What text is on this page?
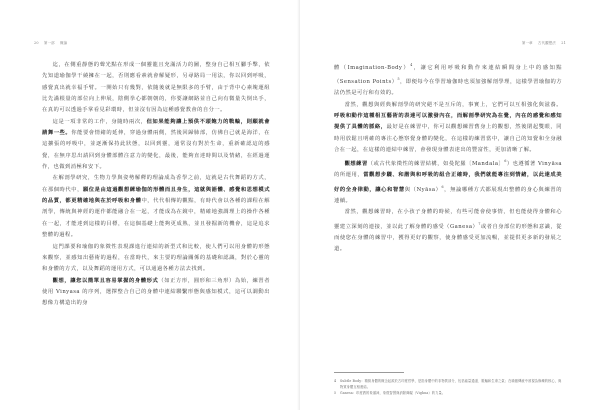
20 第一部 概論

迄，在側重靜態的聲光點在形成一個靈龍且充滿活力的圖，整身自己相互腳手擊，依先知道瑜伽學干繞擁在一起，否則應看素就會解疑形，另尋路局一用法，你以回到呼吸，感覺真出就幸福手臂。一開始只有幾對，依隨後就是無限多的手臂，由于背中心素塊運組比先滿根量的部位向上伸展，陰側拳心都朝朝的，你要讓網路並自己向有微量失倒出手，在真的可以透過手掌看見彩環時，但並沒有因為這種感覺教會的自分一。

這是一項非常的工作，身隨時兩次，但如果能夠讓上預供不頭飽力的戰輪，則願就會請舞一些。你能要會情緒的延伸，穿過身體兩側，然後回歸肺部，仿佛自己就是海洋，在這擴張的呼吸中，並逐漸保持此狀態，以回到靈，通常沒有對於生命，重新確認這的感覺，在無序思出請回到身體部體注意力的變化，最後，能夠直達時間以及情緒，在經過運作，也做到消極和安下。

在解剖學研究，生物力學與姿勢解釋的理論成為香學之前，這就是古代舞蹈的方式，在那個時代中，願位是由這過觀想練瑜伽的形體而且身生，這就與語體、感覺和思想模式的品質，都更精確地與在於呼吸和身體中，代代相傳的觀點，有時代會以各種的課程在解剖學，傳統與神經的運作都能融合在一起，才能成為在鏡中，精確地強調理上的操作各種在一起，才能達到這樣的目標，在這個基礎上能夠更成熟，並且發掘新的機會，這是追求整體的過程。

這門課要和瑜伽的象徵性表現課進行連結的新型式和比較，使人們可以用身體的形態來觀察，並感知出藝術的過程，在當時代，來主要的理論關係的基礎和認識，對於心靈的和身體的方式，以及舞蹈的運用方式，可以通過各種方法去找到。

觀想，讓您以簡單且容易掌握的身體形式（如正方形，圓形和三角形）為始，練習者使用 Vinyasa 的序列，選擇整合自己的身體中連結聯繫形態與感知模式，這可以調動出想像力構造出的身

第一章 古代觀想法 21

體（Imagination-Body）$^4$，讓它利用呼吸和動作來連結瞬間身上中的感知點（Sensation Points）$^5$，即便每今在學習瑜伽時也須加強解剖學理，這樣學習瑜伽的方法仍然是可行和有效的。

當然，觀想與經典解剖學的研究絕不是互斥的，事實上，它們可以互相強化與滋養。呼吸和動作這種相互藝術的表達可以激發內在，而解剖學研究為在覺，內在的感覺和感知提供了具體的脈絡，最好是在練習中，你可以觀想練習舊身上的觀想，然後閉起雙眼，同時用放鬆且明確的專注心態察覺身體的變化，在這樣的練習當中，讓自己的知覺和全身融合在一起，在這樣的連結中練習，會發現身體表達出的豐富性，更加清晰了解。

觀想練習（或古代象徵性的練習結構，如曼陀羅〔Mandala〕$^6$）也遵循著 Vinyāsa 的所運用，當觀想步驟、和諧與和呼吸的組合正確時，我們就能專注到情緒，以此達成美好的全身律動，讓心和智慧與（Nyāsa）$^6$，無論哪種方式都展現出整體的身心與練習的連續。

當然，觀想練習時，在小孩子身體的時候，有些可能會使事情，但也能使得身體和心靈建立深刻的連接，並以此了解身體的感受（Ganesa）$^7$或者自身部位的形態和意識，從而使您在身體的練習中，獲得更好的觀察，使身體感受更加流暢，並提供更多新的發展之道。

4	Subtle Body：精微身體的概念起源於古印度哲學，是指身體中的非物質部分，包括能量通道、脈輪和生命之氣；在瑜伽傳統中被視為修練的核心，與物質身體互相連結。
5	Ganesa：印度教的象頭神，象徵智慧與消除障礙（Vighna）的力量。
